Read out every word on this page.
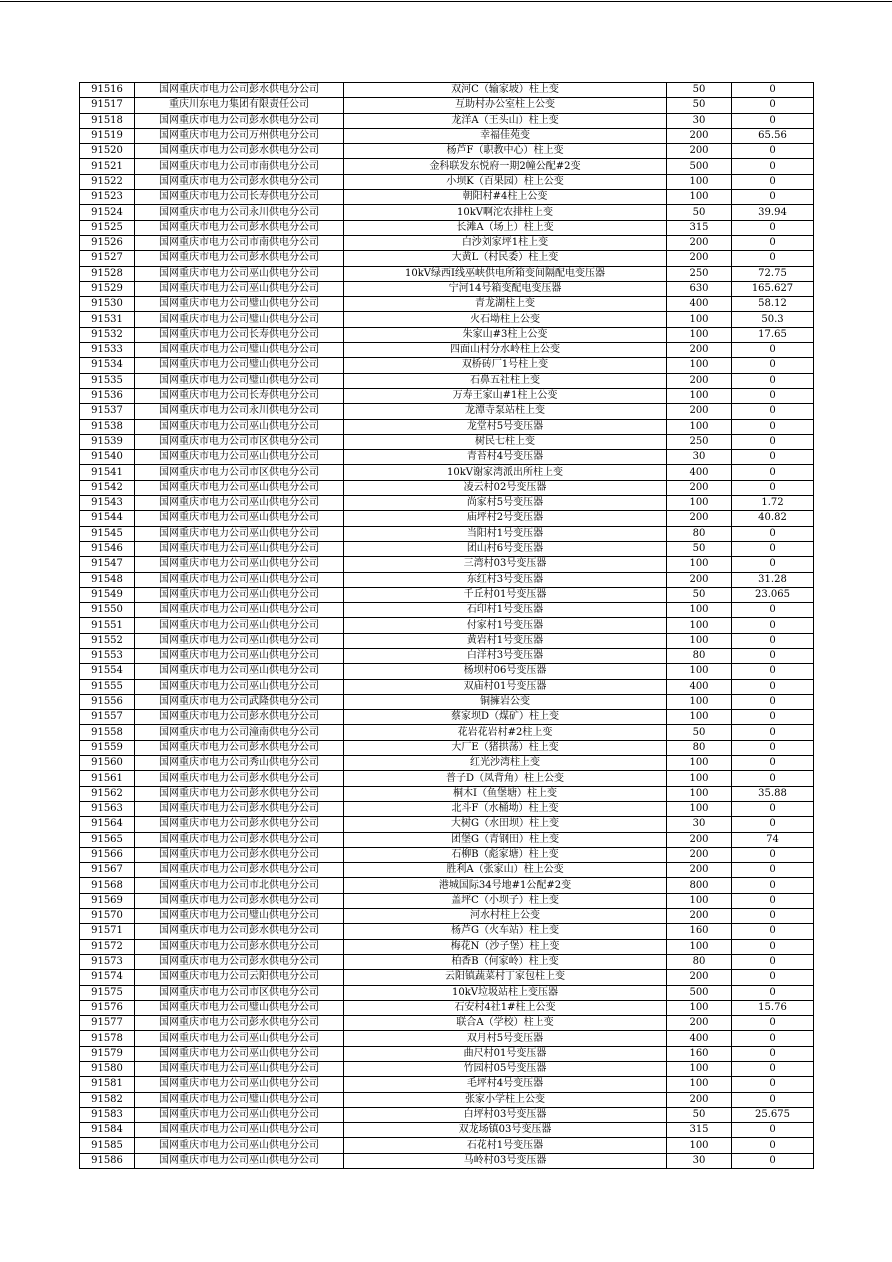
91516	国网重庆市电力公司彭水供电分公司	双河C（输家坡）柱上变	50	0
91517	重庆川东电力集团有限责任公司	互助村办公室柱上公变	50	0
91518	国网重庆市电力公司彭水供电分公司	龙洋A（王头山）柱上变	30	0
91519	国网重庆市电力公司万州供电分公司	幸福佳苑变	200	65.56
91520	国网重庆市电力公司彭水供电分公司	杨芦F（职教中心）柱上变	200	0
91521	国网重庆市电力公司市南供电分公司	金科联发东悦府一期2幢公配#2变	500	0
91522	国网重庆市电力公司彭水供电分公司	小坝K（百果园）柱上公变	100	0
91523	国网重庆市电力公司长寿供电分公司	朝阳村#4柱上公变	100	0
91524	国网重庆市电力公司永川供电分公司	10kV啊沱农排柱上变	50	39.94
91525	国网重庆市电力公司彭水供电分公司	长滩A（场上）柱上变	315	0
91526	国网重庆市电力公司市南供电分公司	白沙刘家坪1柱上变	200	0
91527	国网重庆市电力公司彭水供电分公司	大黄L（村民委）柱上变	200	0
91528	国网重庆市电力公司巫山供电分公司	10kV绿西Ⅰ线巫峡供电所箱变间隔配电变压器	250	72.75
91529	国网重庆市电力公司巫山供电分公司	宁河14号箱变配电变压器	630	165.627
91530	国网重庆市电力公司璧山供电分公司	青龙湖柱上变	400	58.12
91531	国网重庆市电力公司璧山供电分公司	火石坳柱上公变	100	50.3
91532	国网重庆市电力公司长寿供电分公司	朱家山#3柱上公变	100	17.65
91533	国网重庆市电力公司璧山供电分公司	四面山村分水岭柱上公变	200	0
91534	国网重庆市电力公司璧山供电分公司	双桥砖厂1号柱上变	100	0
91535	国网重庆市电力公司璧山供电分公司	石鼻五社柱上变	200	0
91536	国网重庆市电力公司长寿供电分公司	万寿王家山#1柱上公变	100	0
91537	国网重庆市电力公司永川供电分公司	龙潭寺泵站柱上变	200	0
91538	国网重庆市电力公司巫山供电分公司	龙堂村5号变压器	100	0
91539	国网重庆市电力公司市区供电分公司	树民七柱上变	250	0
91540	国网重庆市电力公司巫山供电分公司	青苔村4号变压器	30	0
91541	国网重庆市电力公司市区供电分公司	10kV谢家湾派出所柱上变	400	0
91542	国网重庆市电力公司巫山供电分公司	凌云村02号变压器	200	0
91543	国网重庆市电力公司巫山供电分公司	尚家村5号变压器	100	1.72
91544	国网重庆市电力公司巫山供电分公司	庙坪村2号变压器	200	40.82
91545	国网重庆市电力公司巫山供电分公司	当阳村1号变压器	80	0
91546	国网重庆市电力公司巫山供电分公司	团山村6号变压器	50	0
91547	国网重庆市电力公司巫山供电分公司	三湾村03号变压器	100	0
91548	国网重庆市电力公司巫山供电分公司	东红村3号变压器	200	31.28
91549	国网重庆市电力公司巫山供电分公司	千丘村01号变压器	50	23.065
91550	国网重庆市电力公司巫山供电分公司	石印村1号变压器	100	0
91551	国网重庆市电力公司巫山供电分公司	付家村1号变压器	100	0
91552	国网重庆市电力公司巫山供电分公司	黄岩村1号变压器	100	0
91553	国网重庆市电力公司巫山供电分公司	白洋村3号变压器	80	0
91554	国网重庆市电力公司巫山供电分公司	杨坝村06号变压器	100	0
91555	国网重庆市电力公司巫山供电分公司	双庙村01号变压器	400	0
91556	国网重庆市电力公司武隆供电分公司	铜擁岩公变	100	0
91557	国网重庆市电力公司彭水供电分公司	蔡家坝D（煤矿）柱上变	100	0
91558	国网重庆市电力公司潼南供电分公司	花岩花岩村#2柱上变	50	0
91559	国网重庆市电力公司彭水供电分公司	大厂E（猪拱荡）柱上变	80	0
91560	国网重庆市电力公司秀山供电分公司	红光沙湾柱上变	100	0
91561	国网重庆市电力公司彭水供电分公司	普子D（凤背角）柱上公变	100	0
91562	国网重庆市电力公司彭水供电分公司	桐木I（鱼堡塘）柱上变	100	35.88
91563	国网重庆市电力公司彭水供电分公司	北斗F（水桶坳）柱上变	100	0
91564	国网重庆市电力公司彭水供电分公司	大树G（水田坝）柱上变	30	0
91565	国网重庆市电力公司彭水供电分公司	团堡G（青钢田）柱上变	200	74
91566	国网重庆市电力公司彭水供电分公司	石柳B（彪家塘）柱上变	200	0
91567	国网重庆市电力公司彭水供电分公司	胜利A（张家山）柱上公变	200	0
91568	国网重庆市电力公司市北供电分公司	港城国际34号地#1公配#2变	800	0
91569	国网重庆市电力公司彭水供电分公司	盖坪C（小坝子）柱上变	100	0
91570	国网重庆市电力公司璧山供电分公司	河水村柱上公变	200	0
91571	国网重庆市电力公司彭水供电分公司	杨芦G（火车站）柱上变	160	0
91572	国网重庆市电力公司彭水供电分公司	梅花N（沙子堡）柱上变	100	0
91573	国网重庆市电力公司彭水供电分公司	柏香B（何家岭）柱上变	80	0
91574	国网重庆市电力公司云阳供电分公司	云阳镇蔬菜村丁家包柱上变	200	0
91575	国网重庆市电力公司市区供电分公司	10kV垃圾站柱上变压器	500	0
91576	国网重庆市电力公司璧山供电分公司	石安村4社1#柱上公变	100	15.76
91577	国网重庆市电力公司彭水供电分公司	联合A（学校）柱上变	200	0
91578	国网重庆市电力公司巫山供电分公司	双月村5号变压器	400	0
91579	国网重庆市电力公司巫山供电分公司	曲尺村01号变压器	160	0
91580	国网重庆市电力公司巫山供电分公司	竹园村05号变压器	100	0
91581	国网重庆市电力公司巫山供电分公司	毛坪村4号变压器	100	0
91582	国网重庆市电力公司璧山供电分公司	张家小学柱上公变	200	0
91583	国网重庆市电力公司巫山供电分公司	白坪村03号变压器	50	25.675
91584	国网重庆市电力公司巫山供电分公司	双龙场镇03号变压器	315	0
91585	国网重庆市电力公司巫山供电分公司	石花村1号变压器	100	0
91586	国网重庆市电力公司巫山供电分公司	马岭村03号变压器	30	0
